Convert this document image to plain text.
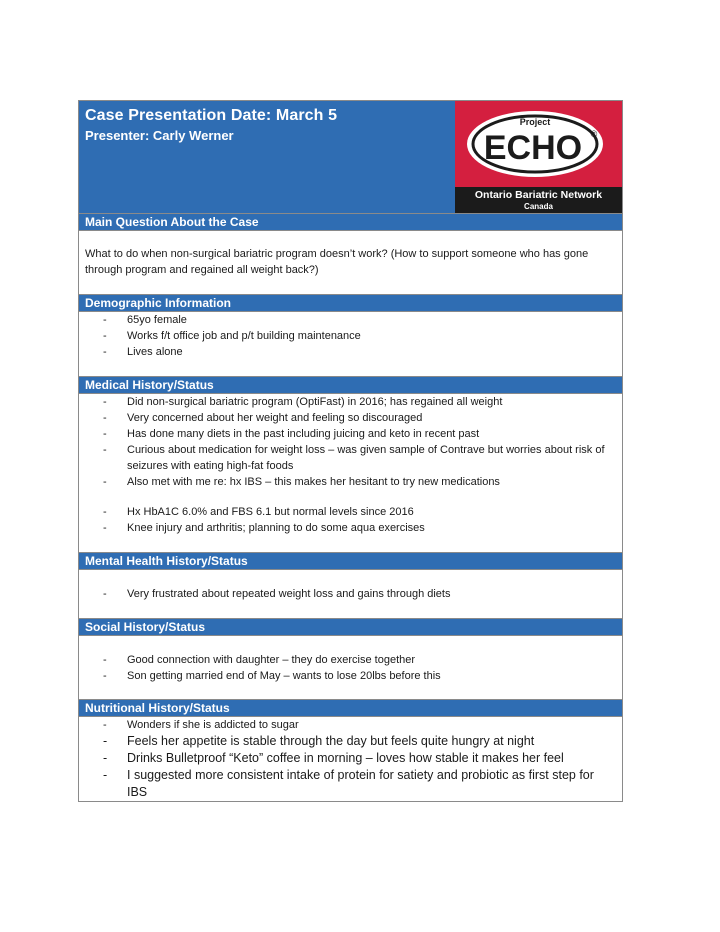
Case Presentation Date: March 5
Presenter: Carly Werner
Project
ECHO ®
Ontario Bariatric Network
Canada
Main Question About the Case
What to do when non-surgical bariatric program doesn’t work? (How to support someone who has gone through program and regained all weight back?)
Demographic Information
- 65yo female
- Works f/t office job and p/t building maintenance
- Lives alone
Medical History/Status
- Did non-surgical bariatric program (OptiFast) in 2016; has regained all weight
- Very concerned about her weight and feeling so discouraged
- Has done many diets in the past including juicing and keto in recent past
- Curious about medication for weight loss – was given sample of Contrave but worries about risk of seizures with eating high-fat foods
- Also met with me re: hx IBS – this makes her hesitant to try new medications
- Hx HbA1C 6.0% and FBS 6.1 but normal levels since 2016
- Knee injury and arthritis; planning to do some aqua exercises
Mental Health History/Status
- Very frustrated about repeated weight loss and gains through diets
Social History/Status
- Good connection with daughter – they do exercise together
- Son getting married end of May – wants to lose 20lbs before this
Nutritional History/Status
- Wonders if she is addicted to sugar
- Feels her appetite is stable through the day but feels quite hungry at night
- Drinks Bulletproof “Keto” coffee in morning – loves how stable it makes her feel
- I suggested more consistent intake of protein for satiety and probiotic as first step for IBS
